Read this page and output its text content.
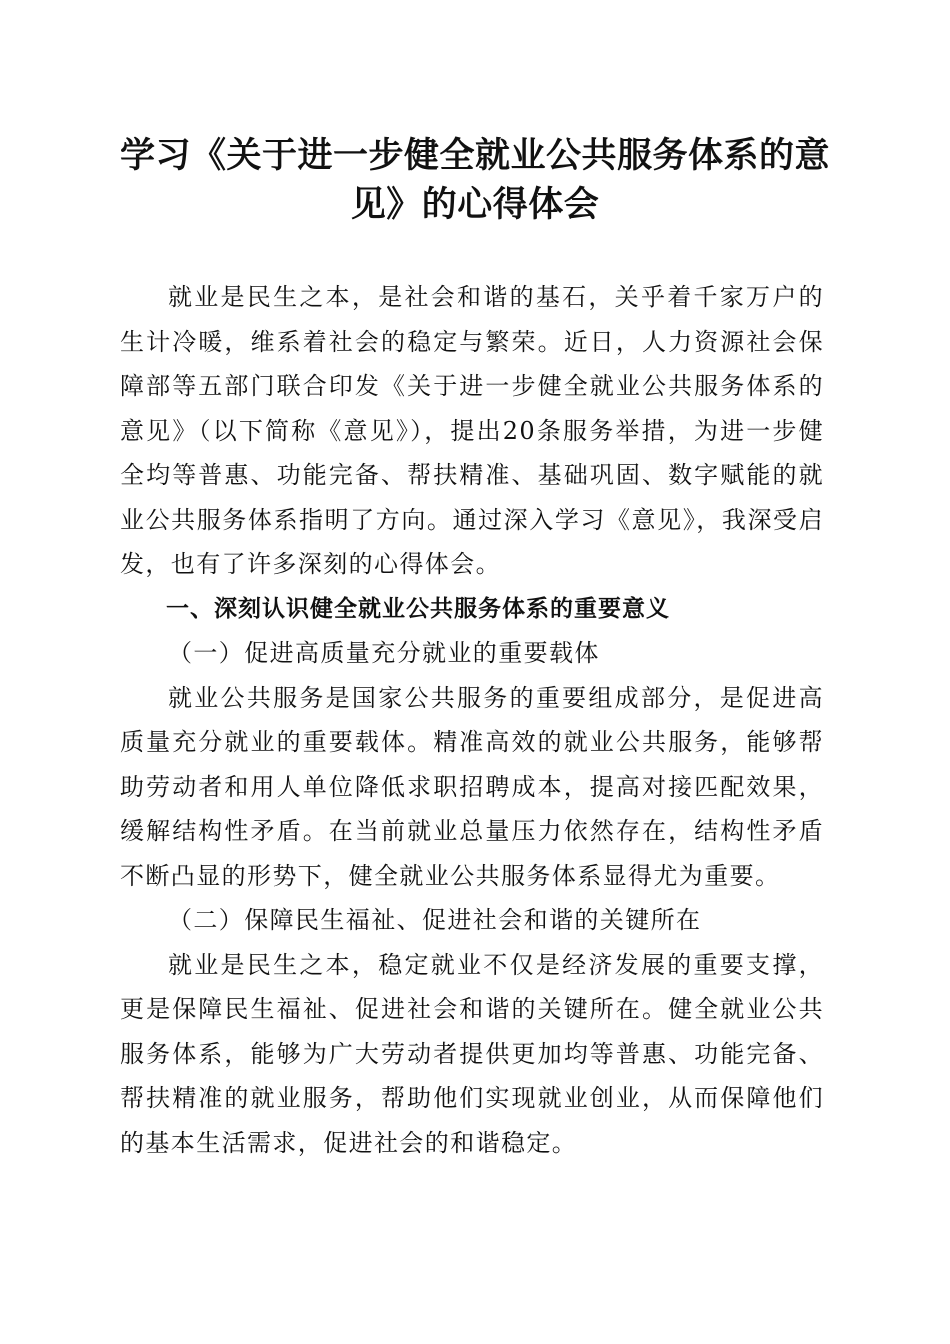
学习《关于进一步健全就业公共服务体系的意见》的心得体会

就业是民生之本，是社会和谐的基石，关乎着千家万户的生计冷暖，维系着社会的稳定与繁荣。近日，人力资源社会保障部等五部门联合印发《关于进一步健全就业公共服务体系的意见》（以下简称《意见》），提出20条服务举措，为进一步健全均等普惠、功能完备、帮扶精准、基础巩固、数字赋能的就业公共服务体系指明了方向。通过深入学习《意见》，我深受启发，也有了许多深刻的心得体会。

一、深刻认识健全就业公共服务体系的重要意义

（一）促进高质量充分就业的重要载体

就业公共服务是国家公共服务的重要组成部分，是促进高质量充分就业的重要载体。精准高效的就业公共服务，能够帮助劳动者和用人单位降低求职招聘成本，提高对接匹配效果，缓解结构性矛盾。在当前就业总量压力依然存在，结构性矛盾不断凸显的形势下，健全就业公共服务体系显得尤为重要。

（二）保障民生福祉、促进社会和谐的关键所在

就业是民生之本，稳定就业不仅是经济发展的重要支撑，更是保障民生福祉、促进社会和谐的关键所在。健全就业公共服务体系，能够为广大劳动者提供更加均等普惠、功能完备、帮扶精准的就业服务，帮助他们实现就业创业，从而保障他们的基本生活需求，促进社会的和谐稳定。
